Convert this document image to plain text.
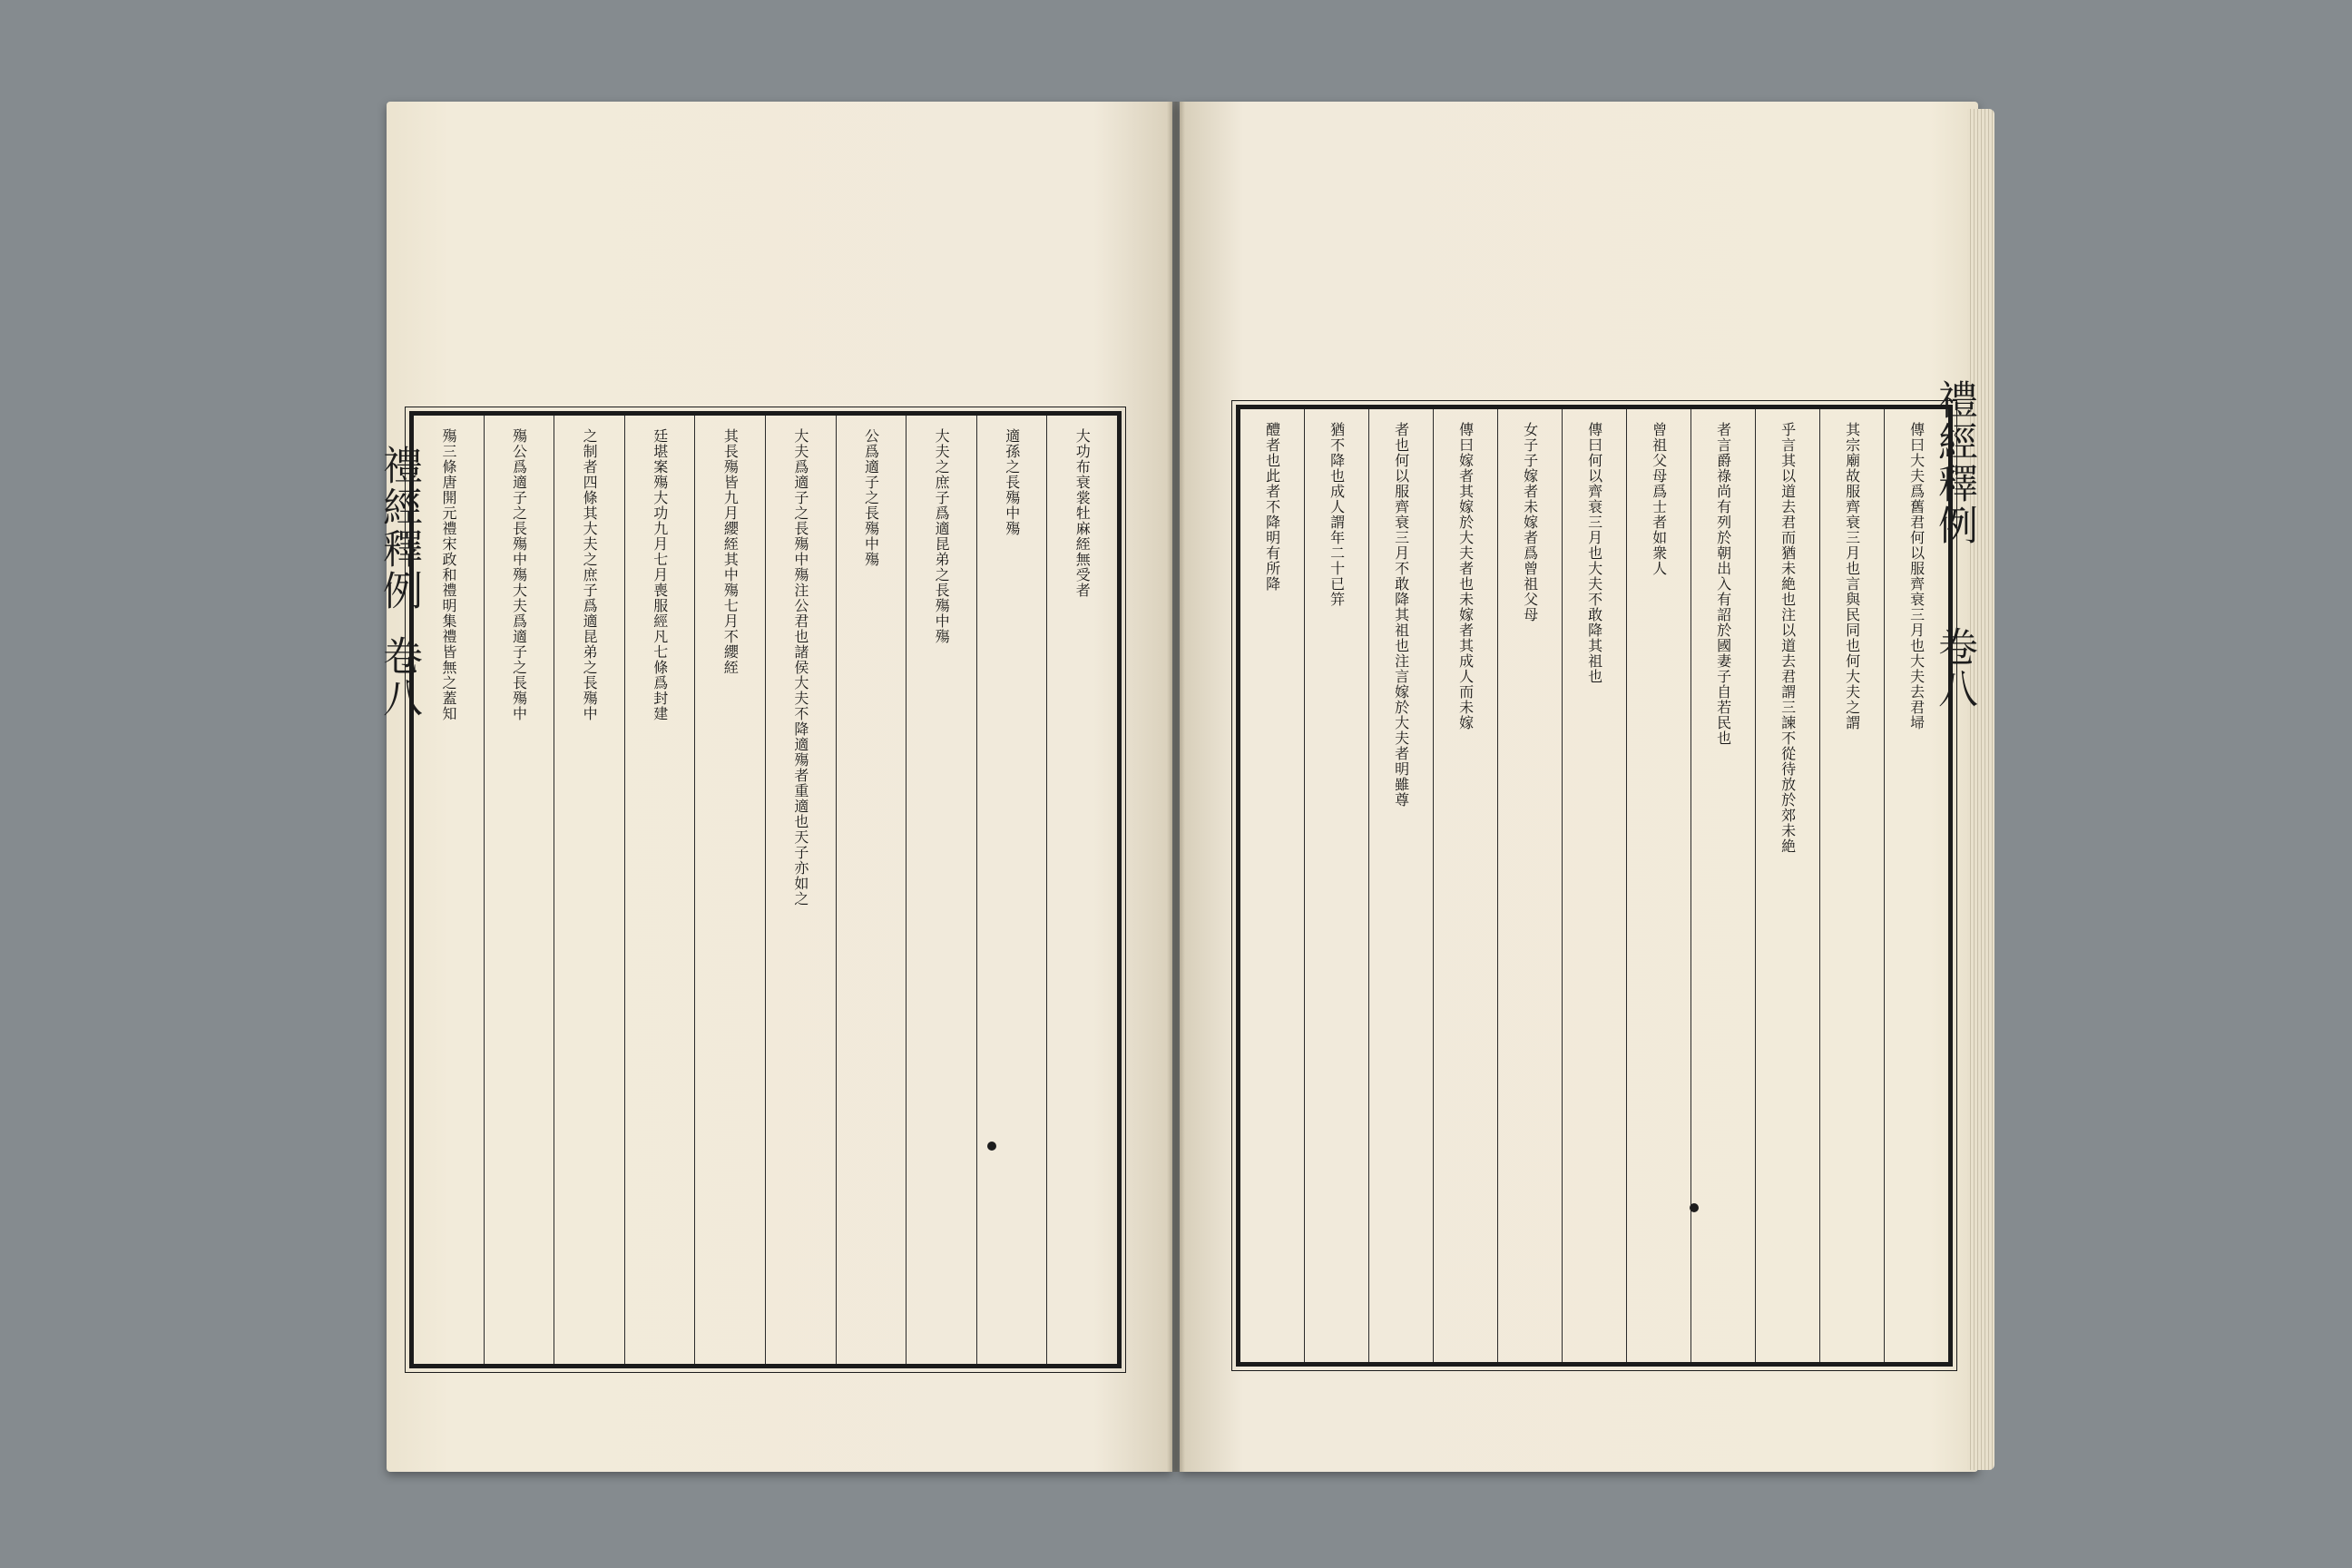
禮經釋例
卷八
大功布衰裳牡麻絰無受者
適孫之長殤中殤
大夫之庶子爲適昆弟之長殤中殤
公爲適子之長殤中殤
大夫爲適子之長殤中殤注公君也諸侯大夫不降適殤者重適也天子亦如之
其長殤皆九月纓絰其中殤七月不纓絰
廷堪案殤大功九月七月喪服經凡七條爲封建
之制者四條其大夫之庶子爲適昆弟之長殤中
殤公爲適子之長殤中殤大夫爲適子之長殤中
殤三條唐開元禮宋政和禮明集禮皆無之蓋知	傳曰大夫爲舊君何以服齊衰三月也大夫去君埽
其宗廟故服齊衰三月也言與民同也何大夫之謂
乎言其以道去君而猶未絶也注以道去君謂三諫不從待放於郊未絶
者言爵祿尚有列於朝出入有詔於國妻子自若民也
曾祖父母爲士者如衆人
傳曰何以齊衰三月也大夫不敢降其祖也
女子子嫁者未嫁者爲曾祖父母
傳曰嫁者其嫁於大夫者也未嫁者其成人而未嫁
者也何以服齊衰三月不敢降其祖也注言嫁於大夫者明雖尊
猶不降也成人謂年二十已笄
醴者也此者不降明有所降	禮經釋例
卷八
